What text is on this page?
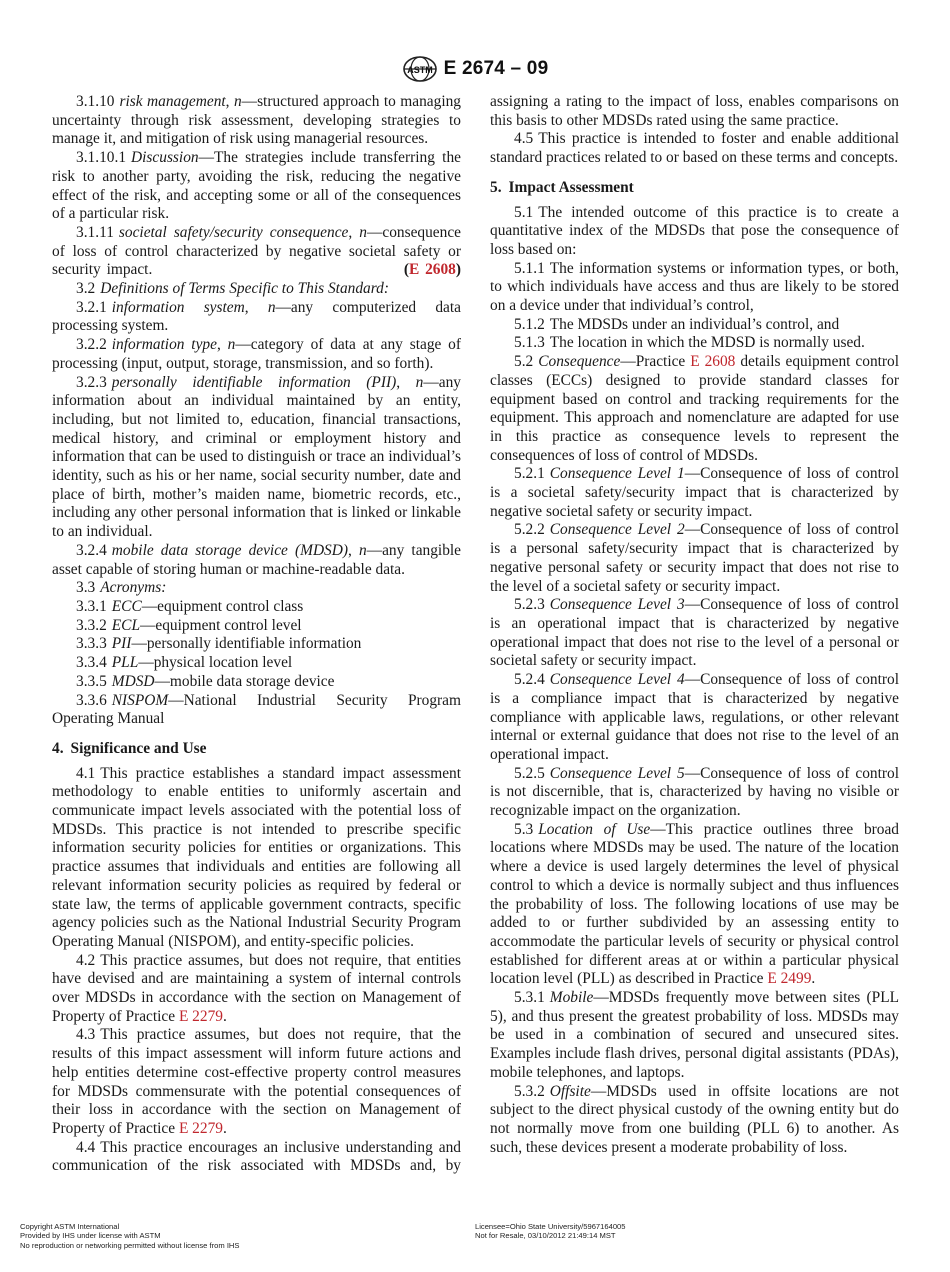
ASTM E 2674 – 09

3.1.10 risk management, n—structured approach to managing uncertainty through risk assessment, developing strategies to manage it, and mitigation of risk using managerial resources.

3.1.10.1 Discussion—The strategies include transferring the risk to another party, avoiding the risk, reducing the negative effect of the risk, and accepting some or all of the consequences of a particular risk.

3.1.11 societal safety/security consequence, n—consequence of loss of control characterized by negative societal safety or security impact.	(E 2608)

3.2 Definitions of Terms Specific to This Standard:

3.2.1 information system, n—any computerized data processing system.

3.2.2 information type, n—category of data at any stage of processing (input, output, storage, transmission, and so forth).

3.2.3 personally identifiable information (PII), n—any information about an individual maintained by an entity, including, but not limited to, education, financial transactions, medical history, and criminal or employment history and information that can be used to distinguish or trace an individual’s identity, such as his or her name, social security number, date and place of birth, mother’s maiden name, biometric records, etc., including any other personal information that is linked or linkable to an individual.

3.2.4 mobile data storage device (MDSD), n—any tangible asset capable of storing human or machine-readable data.

3.3 Acronyms:

3.3.1 ECC—equipment control class

3.3.2 ECL—equipment control level

3.3.3 PII—personally identifiable information

3.3.4 PLL—physical location level

3.3.5 MDSD—mobile data storage device

3.3.6 NISPOM—National Industrial Security Program Operating Manual

4. Significance and Use

4.1 This practice establishes a standard impact assessment methodology to enable entities to uniformly ascertain and communicate impact levels associated with the potential loss of MDSDs. This practice is not intended to prescribe specific information security policies for entities or organizations. This practice assumes that individuals and entities are following all relevant information security policies as required by federal or state law, the terms of applicable government contracts, specific agency policies such as the National Industrial Security Program Operating Manual (NISPOM), and entity-specific policies.

4.2 This practice assumes, but does not require, that entities have devised and are maintaining a system of internal controls over MDSDs in accordance with the section on Management of Property of Practice E 2279.

4.3 This practice assumes, but does not require, that the results of this impact assessment will inform future actions and help entities determine cost-effective property control measures for MDSDs commensurate with the potential consequences of their loss in accordance with the section on Management of Property of Practice E 2279.

4.4 This practice encourages an inclusive understanding and communication of the risk associated with MDSDs and, by

assigning a rating to the impact of loss, enables comparisons on this basis to other MDSDs rated using the same practice.

4.5 This practice is intended to foster and enable additional standard practices related to or based on these terms and concepts.

5. Impact Assessment

5.1 The intended outcome of this practice is to create a quantitative index of the MDSDs that pose the consequence of loss based on:

5.1.1 The information systems or information types, or both, to which individuals have access and thus are likely to be stored on a device under that individual’s control,

5.1.2 The MDSDs under an individual’s control, and

5.1.3 The location in which the MDSD is normally used.

5.2 Consequence—Practice E 2608 details equipment control classes (ECCs) designed to provide standard classes for equipment based on control and tracking requirements for the equipment. This approach and nomenclature are adapted for use in this practice as consequence levels to represent the consequences of loss of control of MDSDs.

5.2.1 Consequence Level 1—Consequence of loss of control is a societal safety/security impact that is characterized by negative societal safety or security impact.

5.2.2 Consequence Level 2—Consequence of loss of control is a personal safety/security impact that is characterized by negative personal safety or security impact that does not rise to the level of a societal safety or security impact.

5.2.3 Consequence Level 3—Consequence of loss of control is an operational impact that is characterized by negative operational impact that does not rise to the level of a personal or societal safety or security impact.

5.2.4 Consequence Level 4—Consequence of loss of control is a compliance impact that is characterized by negative compliance with applicable laws, regulations, or other relevant internal or external guidance that does not rise to the level of an operational impact.

5.2.5 Consequence Level 5—Consequence of loss of control is not discernible, that is, characterized by having no visible or recognizable impact on the organization.

5.3 Location of Use—This practice outlines three broad locations where MDSDs may be used. The nature of the location where a device is used largely determines the level of physical control to which a device is normally subject and thus influences the probability of loss. The following locations of use may be added to or further subdivided by an assessing entity to accommodate the particular levels of security or physical control established for different areas at or within a particular physical location level (PLL) as described in Practice E 2499.

5.3.1 Mobile—MDSDs frequently move between sites (PLL 5), and thus present the greatest probability of loss. MDSDs may be used in a combination of secured and unsecured sites. Examples include flash drives, personal digital assistants (PDAs), mobile telephones, and laptops.

5.3.2 Offsite—MDSDs used in offsite locations are not subject to the direct physical custody of the owning entity but do not normally move from one building (PLL 6) to another. As such, these devices present a moderate probability of loss.

Copyright ASTM International
Provided by IHS under license with ASTM
No reproduction or networking permitted without license from IHS
Licensee=Ohio State University/5967164005
Not for Resale, 03/10/2012 21:49:14 MST
